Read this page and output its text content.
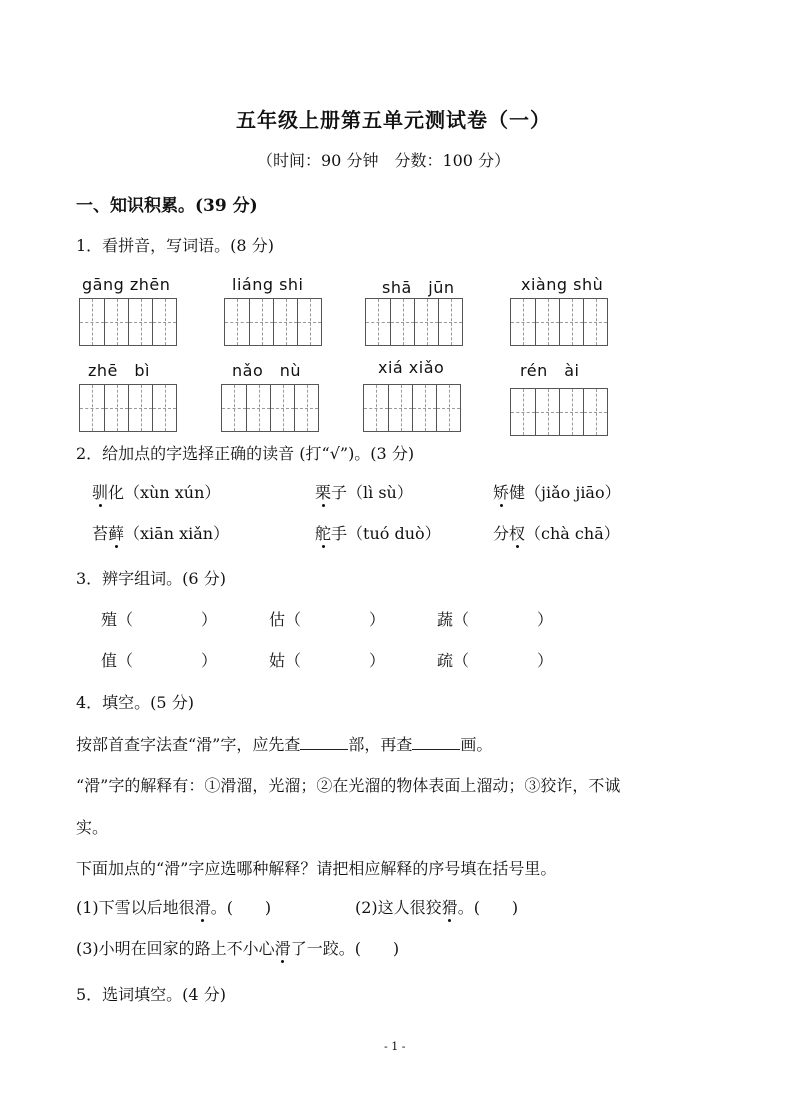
五年级上册第五单元测试卷（一）
（时间：90 分钟　分数：100 分）
一、知识积累。(39 分)
1．看拼音，写词语。(8 分)
gāng zhēn	liáng shi	shā　jūn	xiàng shù
zhē　bì	nǎo　nù	xiá xiǎo	rén　ài
2．给加点的字选择正确的读音 (打“√”)。(3 分)
驯化（xùn xún）	栗子（lì sù）	矫健（jiǎo jiāo）
苔藓（xiān xiǎn）	舵手（tuó duò）	分杈（chà chā）
3．辨字组词。(6 分)
殖（	）	估（	）	蔬（	）
值（	）	姑（	）	疏（	）
4．填空。(5 分)
按部首查字法查“滑”字，应先查	部，再查	画。
“滑”字的解释有：①滑溜，光溜；②在光溜的物体表面上溜动；③狡诈，不诚
实。
下面加点的“滑”字应选哪种解释？请把相应解释的序号填在括号里。
(1)下雪以后地很滑。(　　)	(2)这人很狡猾。(　　)
(3)小明在回家的路上不小心滑了一跤。(　　)
5．选词填空。(4 分)
- 1 -
